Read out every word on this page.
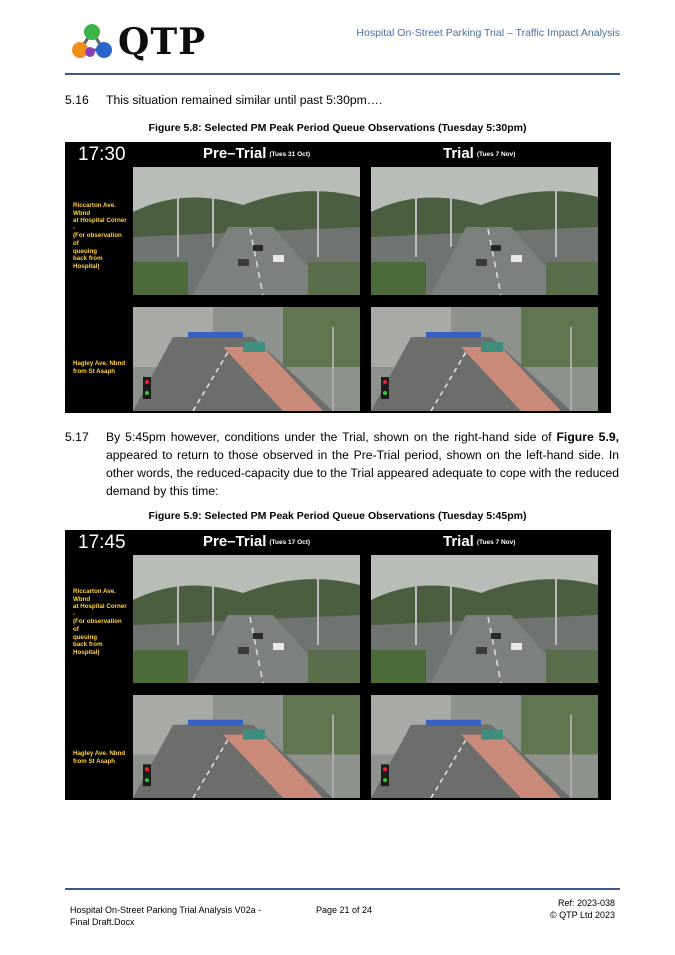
QTP	Hospital On-Street Parking Trial – Traffic Impact Analysis
5.16 This situation remained similar until past 5:30pm….
Figure 5.8: Selected PM Peak Period Queue Observations (Tuesday 5:30pm)
17:30	Pre–Trial $^{(Tues 31 Oct)}$	Trial $^{(Tues 7 Nov)}$
Riccarton Ave.
Wbnd
at Hospital Corner
-
(For observation
of
queuing
back from
Hospital)
Hagley Ave. Nbnd
from St Asaph
5.17 By 5:45pm however, conditions under the Trial, shown on the right-hand side of Figure 5.9, appeared to return to those observed in the Pre-Trial period, shown on the left-hand side. In other words, the reduced-capacity due to the Trial appeared adequate to cope with the reduced demand by this time:
Figure 5.9: Selected PM Peak Period Queue Observations (Tuesday 5:45pm)
17:45	Pre–Trial $^{(Tues 17 Oct)}$	Trial $^{(Tues 7 Nov)}$
Riccarton Ave.
Wbnd
at Hospital Corner
-
(For observation
of
queuing
back from
Hospital)
Hagley Ave. Nbnd
from St Asaph
Hospital On-Street Parking Trial Analysis V02a -
Final Draft.Docx
Page 21 of 24
Ref: 2023-038
© QTP Ltd 2023
